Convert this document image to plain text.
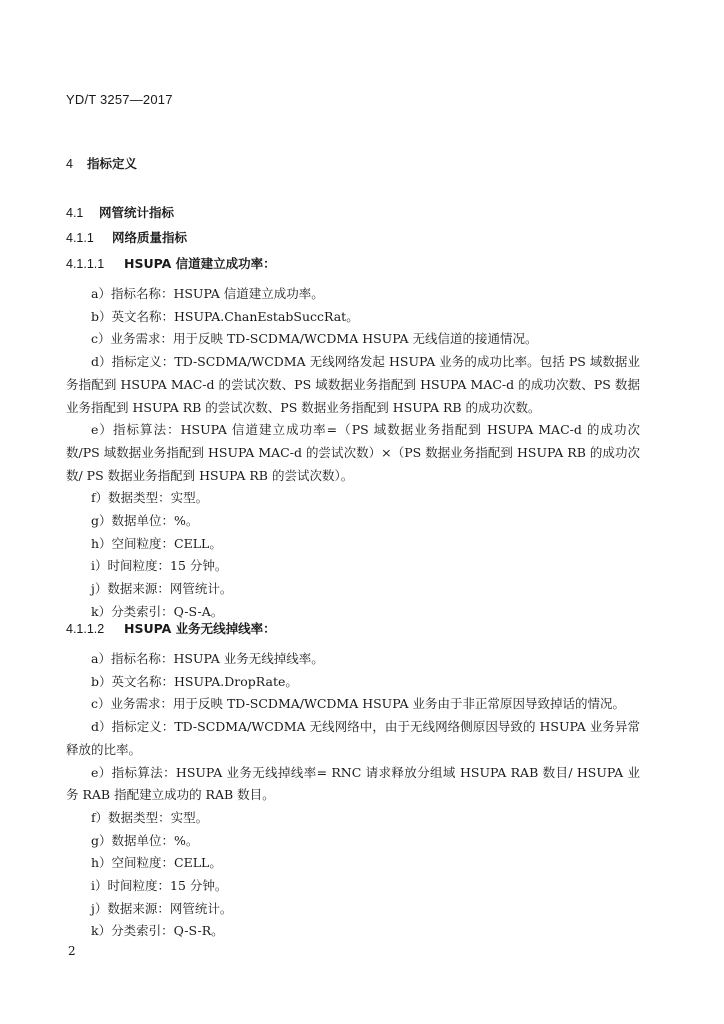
YD/T 3257—2017
4 指标定义
4.1 网管统计指标
4.1.1 网络质量指标
4.1.1.1 HSUPA 信道建立成功率：

a）指标名称：HSUPA 信道建立成功率。

b）英文名称：HSUPA.ChanEstabSuccRat。

c）业务需求：用于反映 TD-SCDMA/WCDMA HSUPA 无线信道的接通情况。

d）指标定义：TD-SCDMA/WCDMA 无线网络发起 HSUPA 业务的成功比率。包括 PS 域数据业务指配到 HSUPA MAC-d 的尝试次数、PS 域数据业务指配到 HSUPA MAC-d 的成功次数、PS 数据业务指配到 HSUPA RB 的尝试次数、PS 数据业务指配到 HSUPA RB 的成功次数。

e）指标算法：HSUPA 信道建立成功率=（PS 域数据业务指配到 HSUPA MAC-d 的成功次数/PS 域数据业务指配到 HSUPA MAC-d 的尝试次数）×（PS 数据业务指配到 HSUPA RB 的成功次数/ PS 数据业务指配到 HSUPA RB 的尝试次数）。

f）数据类型：实型。

g）数据单位：%。

h）空间粒度：CELL。

i）时间粒度：15 分钟。

j）数据来源：网管统计。

k）分类索引：Q-S-A。

4.1.1.2 HSUPA 业务无线掉线率：

a）指标名称：HSUPA 业务无线掉线率。

b）英文名称：HSUPA.DropRate。

c）业务需求：用于反映 TD-SCDMA/WCDMA HSUPA 业务由于非正常原因导致掉话的情况。

d）指标定义：TD-SCDMA/WCDMA 无线网络中，由于无线网络侧原因导致的 HSUPA 业务异常释放的比率。

e）指标算法：HSUPA 业务无线掉线率= RNC 请求释放分组域 HSUPA RAB 数目/ HSUPA 业务 RAB 指配建立成功的 RAB 数目。

f）数据类型：实型。

g）数据单位：%。

h）空间粒度：CELL。

i）时间粒度：15 分钟。

j）数据来源：网管统计。

k）分类索引：Q-S-R。

2
